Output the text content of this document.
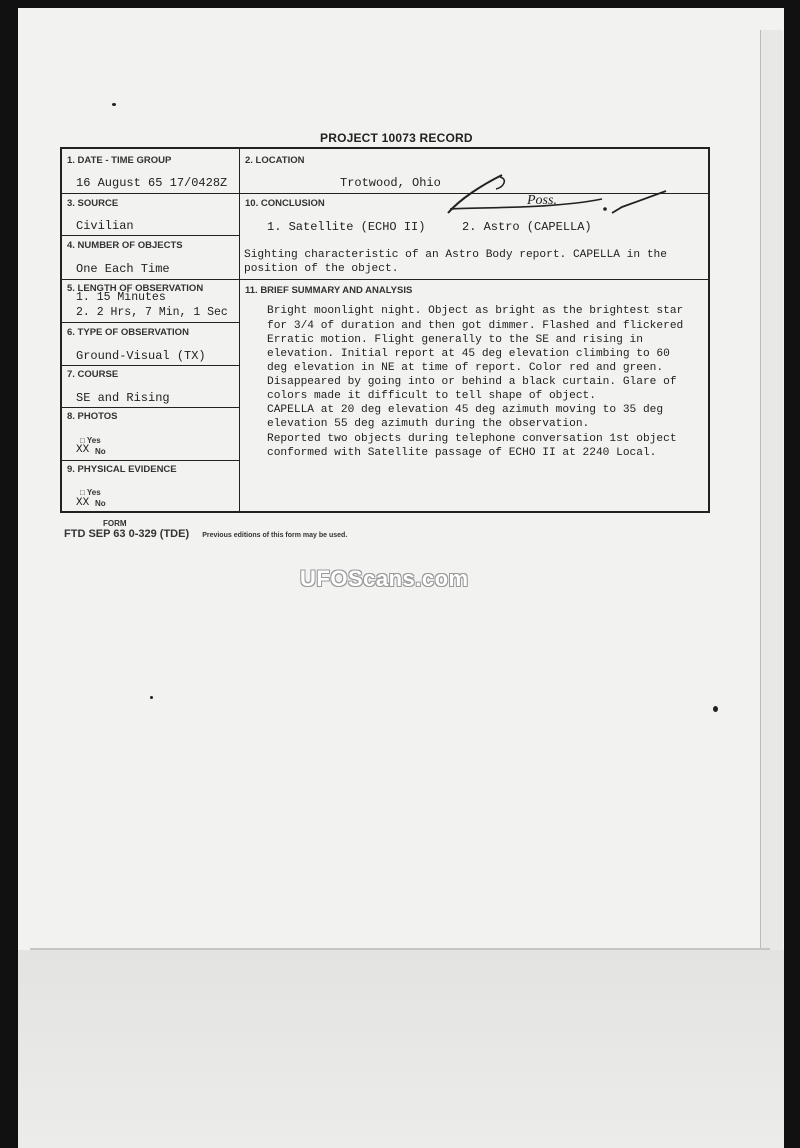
PROJECT 10073 RECORD
1. DATE - TIME GROUP
16 August 65 17/0428Z
2. LOCATION
Trotwood, Ohio
3. SOURCE
Civilian
10. CONCLUSION
1. Satellite (ECHO II)	2. Astro (CAPELLA)
Poss.
4. NUMBER OF OBJECTS
One Each Time
Sighting characteristic of an Astro Body report. CAPELLA in the
position of the object.
5. LENGTH OF OBSERVATION
1. 15 Minutes
2. 2 Hrs, 7 Min, 1 Sec
11. BRIEF SUMMARY AND ANALYSIS
Bright moonlight night. Object as bright as the brightest star
for 3/4 of duration and then got dimmer. Flashed and flickered
Erratic motion. Flight generally to the SE and rising in
elevation. Initial report at 45 deg elevation climbing to 60
deg elevation in NE at time of report. Color red and green.
Disappeared by going into or behind a black curtain. Glare of
colors made it difficult to tell shape of object.
CAPELLA at 20 deg elevation 45 deg azimuth moving to 35 deg
elevation 55 deg azimuth during the observation.
Reported two objects during telephone conversation 1st object
conformed with Satellite passage of ECHO II at 2240 Local.
6. TYPE OF OBSERVATION
Ground-Visual (TX)
7. COURSE
SE and Rising
8. PHOTOS
□ Yes
XX No
9. PHYSICAL EVIDENCE
□ Yes
XX No
FORM
FTD SEP 63 0-329 (TDE) Previous editions of this form may be used.
UFOScans.com
